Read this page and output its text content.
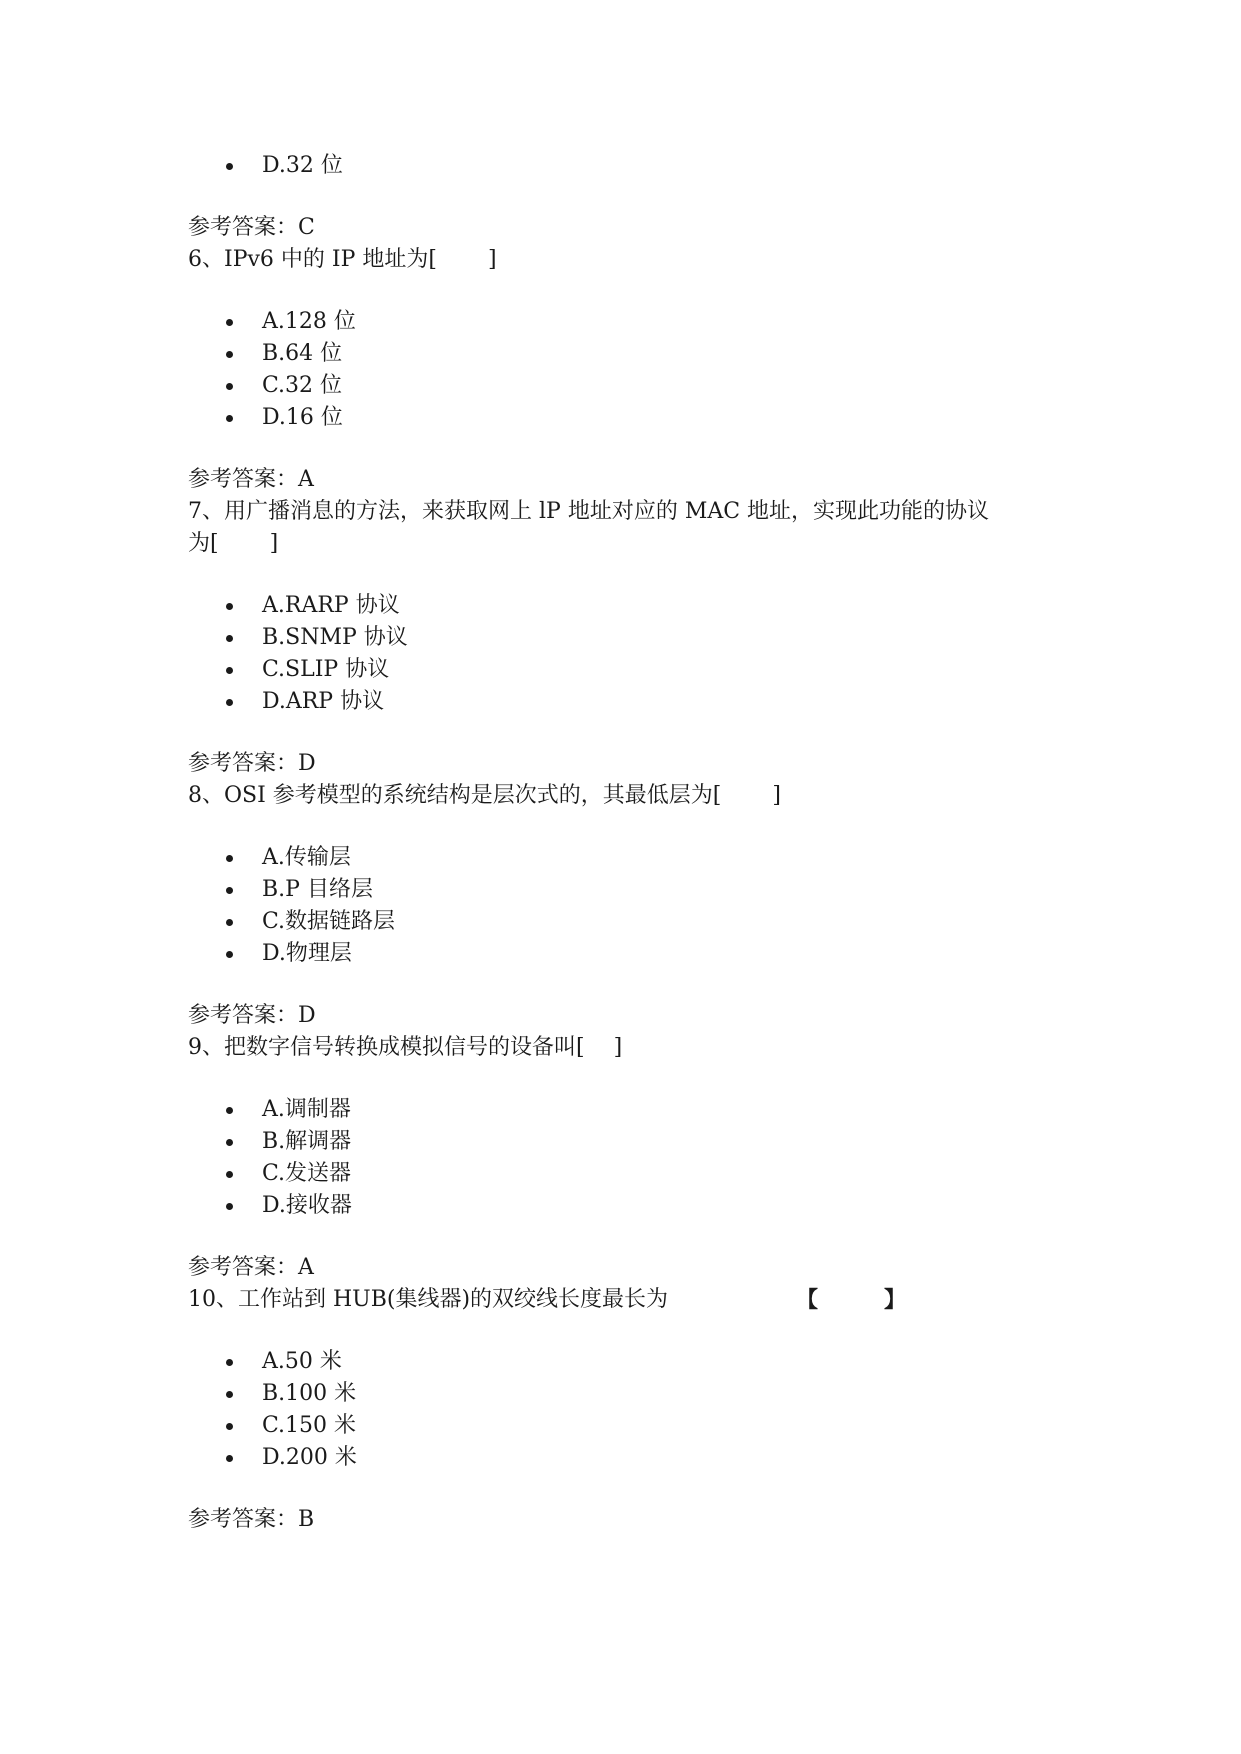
D.32 位
参考答案：C
6、IPv6 中的 IP 地址为[　　 ]
A.128 位
B.64 位
C.32 位
D.16 位
参考答案：A
7、用广播消息的方法，来获取网上 lP 地址对应的 MAC 地址，实现此功能的协议
为[　　 ]
A.RARP 协议
B.SNMP 协议
C.SLIP 协议
D.ARP 协议
参考答案：D
8、OSI 参考模型的系统结构是层次式的，其最低层为[　　 ]
A.传输层
B.P 目络层
C.数据链路层
D.物理层
参考答案：D
9、把数字信号转换成模拟信号的设备叫[　 ]
A.调制器
B.解调器
C.发送器
D.接收器
参考答案：A
10、工作站到 HUB(集线器)的双绞线长度最长为	【　　　】
A.50 米
B.100 米
C.150 米
D.200 米
参考答案：B
